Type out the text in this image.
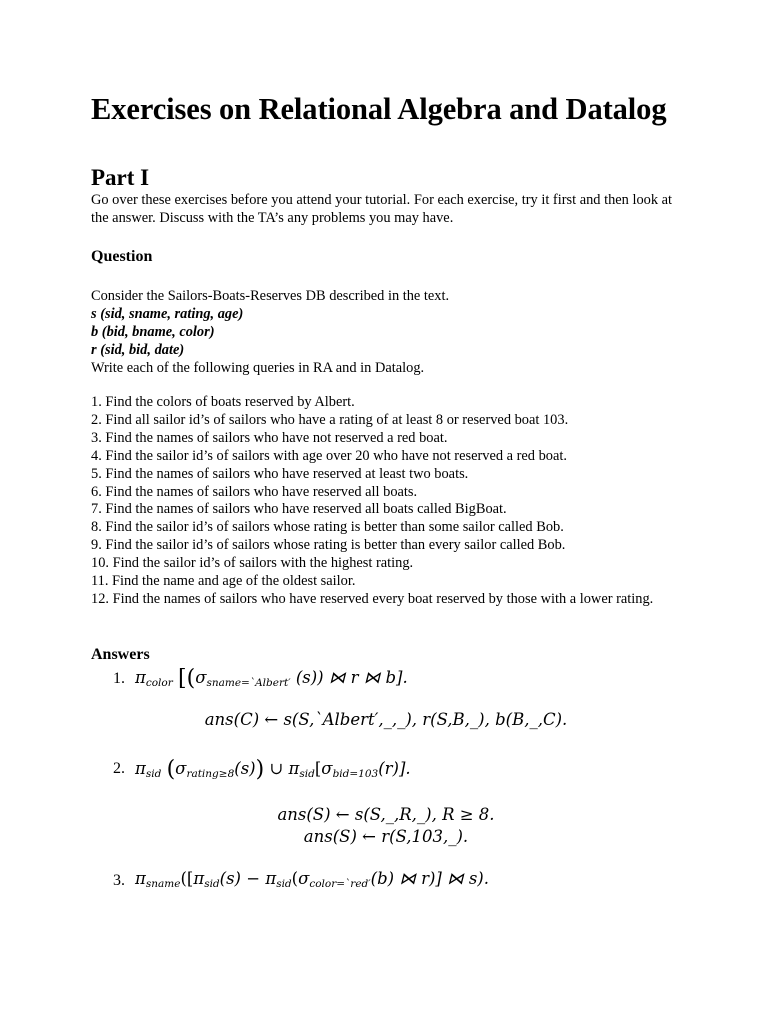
Exercises on Relational Algebra and Datalog
Part I
Go over these exercises before you attend your tutorial. For each exercise, try it first and then look at the answer. Discuss with the TA’s any problems you may have.
Question
Consider the Sailors-Boats-Reserves DB described in the text.
s (sid, sname, rating, age)
b (bid, bname, color)
r (sid, bid, date)
Write each of the following queries in RA and in Datalog.
1. Find the colors of boats reserved by Albert.
2. Find all sailor id’s of sailors who have a rating of at least 8 or reserved boat 103.
3. Find the names of sailors who have not reserved a red boat.
4. Find the sailor id’s of sailors with age over 20 who have not reserved a red boat.
5. Find the names of sailors who have reserved at least two boats.
6. Find the names of sailors who have reserved all boats.
7. Find the names of sailors who have reserved all boats called BigBoat.
8. Find the sailor id’s of sailors whose rating is better than some sailor called Bob.
9. Find the sailor id’s of sailors whose rating is better than every sailor called Bob.
10. Find the sailor id’s of sailors with the highest rating.
11. Find the name and age of the oldest sailor.
12. Find the names of sailors who have reserved every boat reserved by those with a lower rating.
Answers
1. $\pi_{color}$ [($\sigma_{sname=`Albert'}$ (s)) ⋈ r ⋈ b].
ans(C) ← s(S,`Albert′,_,_), r(S,B,_), b(B,_,C).
2. $\pi_{sid}$ $(\sigma_{rating\ge 8}(s))$ ∪ $\pi_{sid}[\sigma_{bid=103}(r)]$.
ans(S) ← s(S,_,R,_), R ≥ 8.
ans(S) ← r(S,103,_).
3. $\pi_{sname}([\pi_{sid}(s) - \pi_{sid}(\sigma_{color=`red'}(b)$ ⋈ r)] ⋈ s).
